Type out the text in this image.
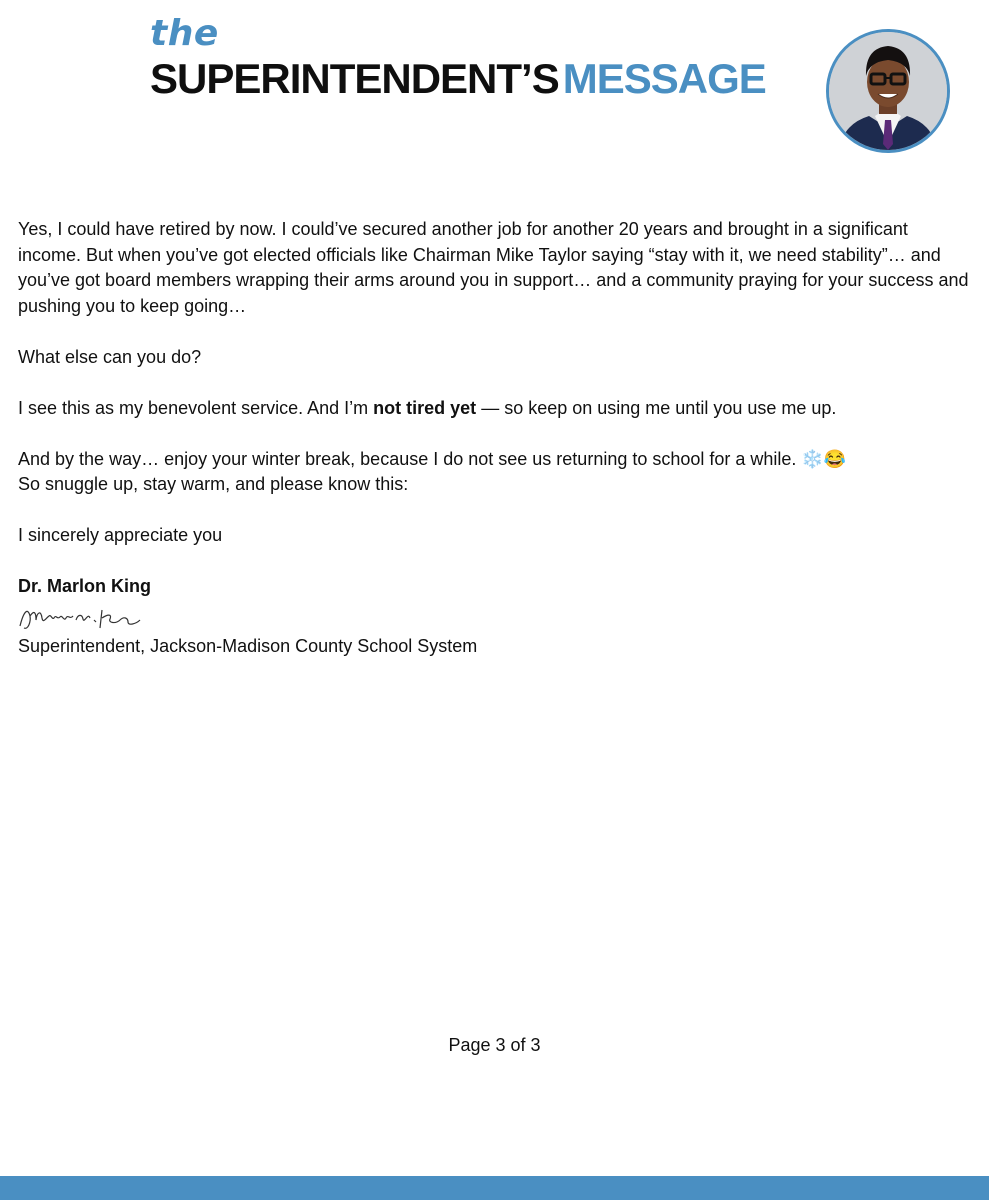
the
SUPERINTENDENT’SMESSAGE

Yes, I could have retired by now. I could’ve secured another job for another 20 years and brought in a significant income. But when you’ve got elected officials like Chairman Mike Taylor saying “stay with it, we need stability”… and you’ve got board members wrapping their arms around you in support… and a community praying for your success and pushing you to keep going…

What else can you do?

I see this as my benevolent service. And I’m not tired yet — so keep on using me until you use me up.

And by the way… enjoy your winter break, because I do not see us returning to school for a while. ❄️😂

So snuggle up, stay warm, and please know this:

I sincerely appreciate you

Dr. Marlon King

Superintendent, Jackson-Madison County School System

Page 3 of 3
